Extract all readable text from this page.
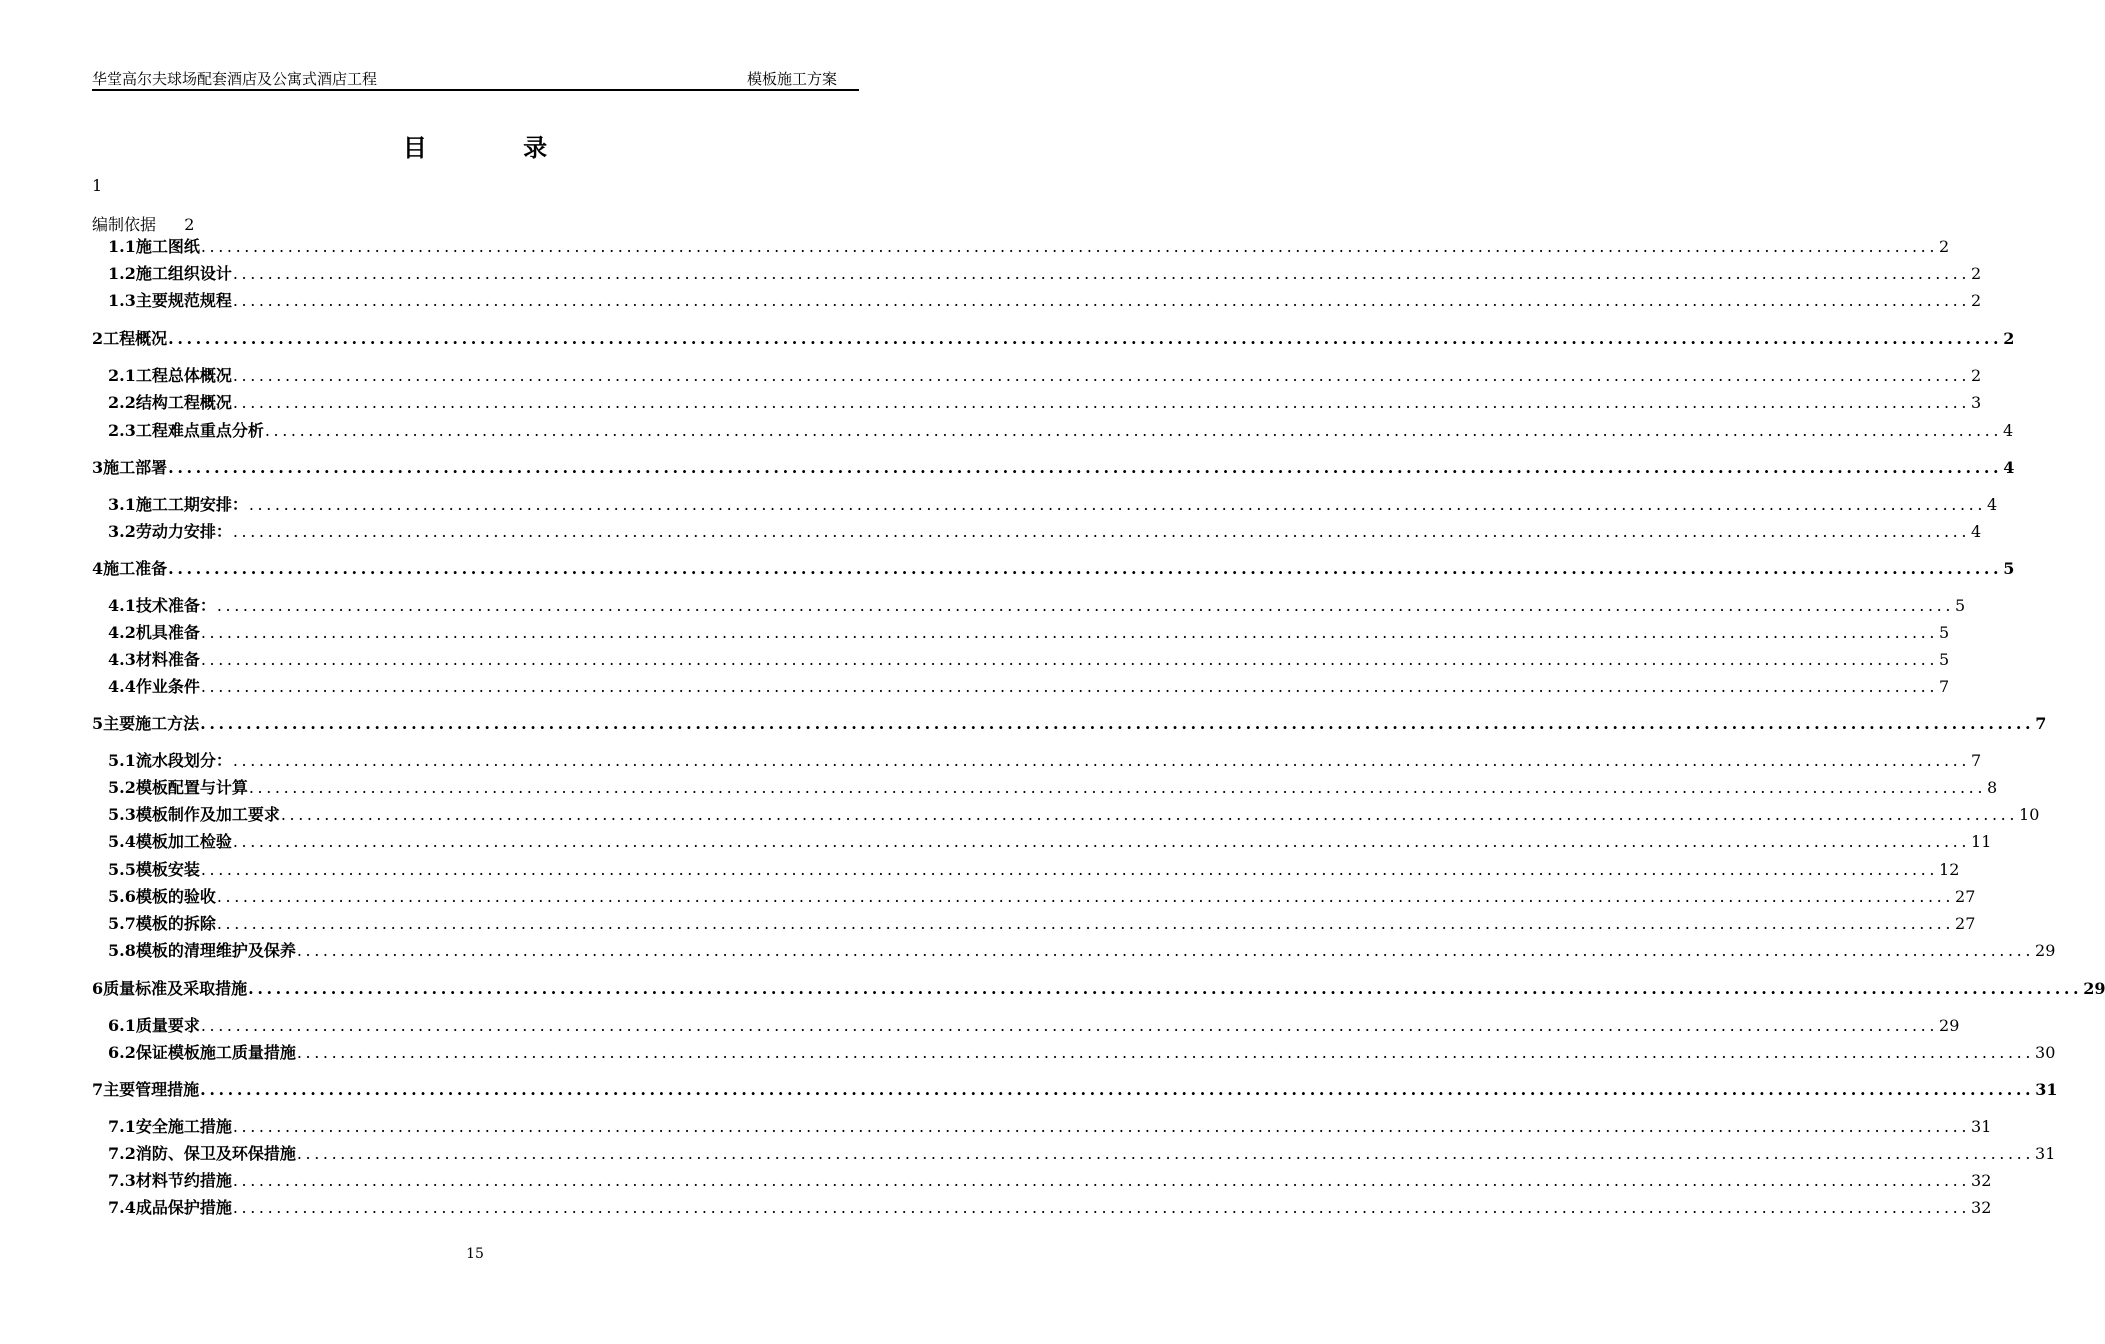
华堂高尔夫球场配套酒店及公寓式酒店工程	模板施工方案
目 录
1
编制依据 2
1.1 施工图纸 ........................................................................................................................................................................................................ 2
1.2 施工组织设计 ........................................................................................................................................................................................................ 2
1.3 主要规范规程 ........................................................................................................................................................................................................ 2
2 工程概况 ........................................................................................................................................................................................................ 2
2.1 工程总体概况 ........................................................................................................................................................................................................ 2
2.2 结构工程概况 ........................................................................................................................................................................................................ 3
2.3 工程难点重点分析 ........................................................................................................................................................................................................ 4
3 施工部署 ........................................................................................................................................................................................................ 4
3.1 施工工期安排： ........................................................................................................................................................................................................ 4
3.2 劳动力安排： ........................................................................................................................................................................................................ 4
4 施工准备 ........................................................................................................................................................................................................ 5
4.1 技术准备： ........................................................................................................................................................................................................ 5
4.2 机具准备 ........................................................................................................................................................................................................ 5
4.3 材料准备 ........................................................................................................................................................................................................ 5
4.4 作业条件 ........................................................................................................................................................................................................ 7
5 主要施工方法 ........................................................................................................................................................................................................ 7
5.1 流水段划分： ........................................................................................................................................................................................................ 7
5.2 模板配置与计算 ........................................................................................................................................................................................................ 8
5.3 模板制作及加工要求 ........................................................................................................................................................................................................ 10
5.4 模板加工检验 ........................................................................................................................................................................................................ 11
5.5 模板安装 ........................................................................................................................................................................................................ 12
5.6 模板的验收 ........................................................................................................................................................................................................ 27
5.7 模板的拆除 ........................................................................................................................................................................................................ 27
5.8 模板的清理维护及保养 ........................................................................................................................................................................................................ 29
6 质量标准及采取措施 ........................................................................................................................................................................................................ 29
6.1 质量要求 ........................................................................................................................................................................................................ 29
6.2 保证模板施工质量措施 ........................................................................................................................................................................................................ 30
7 主要管理措施 ........................................................................................................................................................................................................ 31
7.1 安全施工措施 ........................................................................................................................................................................................................ 31
7.2 消防、保卫及环保措施 ........................................................................................................................................................................................................ 31
7.3 材料节约措施 ........................................................................................................................................................................................................ 32
7.4 成品保护措施 ........................................................................................................................................................................................................ 32
15
